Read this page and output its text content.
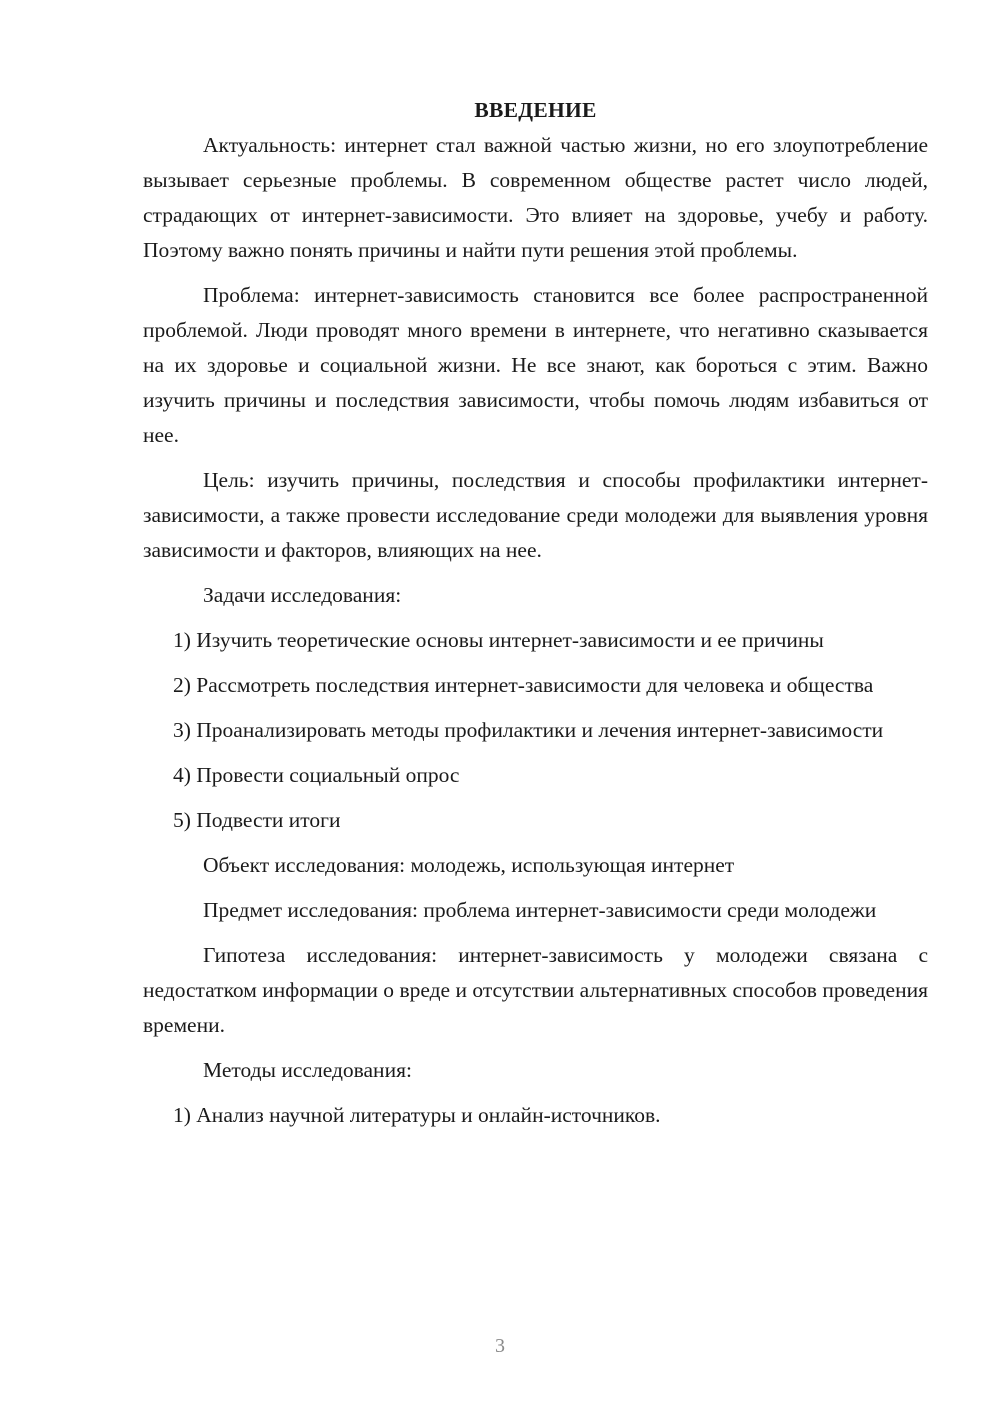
ВВЕДЕНИЕ

Актуальность: интернет стал важной частью жизни, но его злоупотребление вызывает серьезные проблемы. В современном обществе растет число людей, страдающих от интернет-зависимости. Это влияет на здоровье, учебу и работу. Поэтому важно понять причины и найти пути решения этой проблемы.

Проблема: интернет-зависимость становится все более распространенной проблемой. Люди проводят много времени в интернете, что негативно сказывается на их здоровье и социальной жизни. Не все знают, как бороться с этим. Важно изучить причины и последствия зависимости, чтобы помочь людям избавиться от нее.

Цель: изучить причины, последствия и способы профилактики интернет-зависимости, а также провести исследование среди молодежи для выявления уровня зависимости и факторов, влияющих на нее.

Задачи исследования:

1) Изучить теоретические основы интернет-зависимости и ее причины

2) Рассмотреть последствия интернет-зависимости для человека и общества

3) Проанализировать методы профилактики и лечения интернет-зависимости

4) Провести социальный опрос

5) Подвести итоги

Объект исследования: молодежь, использующая интернет

Предмет исследования: проблема интернет-зависимости среди молодежи

Гипотеза исследования: интернет-зависимость у молодежи связана с недостатком информации о вреде и отсутствии альтернативных способов проведения времени.

Методы исследования:

1) Анализ научной литературы и онлайн-источников.

3
